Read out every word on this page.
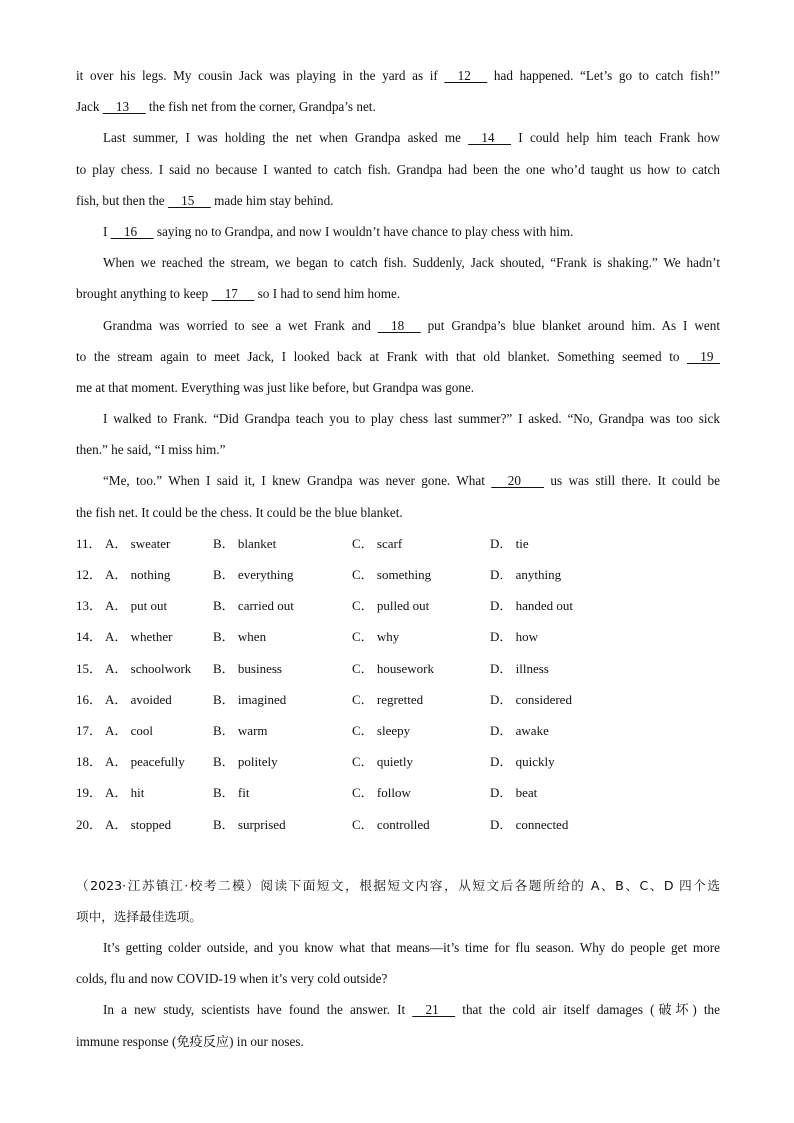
it over his legs. My cousin Jack was playing in the yard as if     12      had happened. “Let’s go to catch fish!”
Jack     13      the fish net from the corner, Grandpa’s net.
Last summer, I was holding the net when Grandpa asked me     14      I could help him teach Frank how
to play chess. I said no because I wanted to catch fish. Grandpa had been the one who’d taught us how to catch
fish, but then the     15      made him stay behind.
I     16      saying no to Grandpa, and now I wouldn’t have chance to play chess with him.
When we reached the stream, we began to catch fish. Suddenly, Jack shouted, “Frank is shaking.” We hadn’t
brought anything to keep     17      so I had to send him home.
Grandma was worried to see a wet Frank and     18      put Grandpa’s blue blanket around him. As I went
to the stream again to meet Jack, I looked back at Frank with that old blanket. Something seemed to     19
me at that moment. Everything was just like before, but Grandpa was gone.
I walked to Frank. “Did Grandpa teach you to play chess last summer?” I asked. “No, Grandpa was too sick
then.” he said, “I miss him.”
“Me, too.” When I said it, I knew Grandpa was never gone. What      20        us was still there. It could be
the fish net. It could be the chess. It could be the blue blanket.
11． A． sweater	B． blanket	C． scarf	D． tie
12． A． nothing	B． everything	C． something	D． anything
13． A． put out	B． carried out	C． pulled out	D． handed out
14． A． whether	B． when	C． why	D． how
15． A． schoolwork B． business	C． housework	D． illness
16． A． avoided	B． imagined	C． regretted	D． considered
17． A． cool	B． warm	C． sleepy	D． awake
18． A． peacefully B． politely	C． quietly	D． quickly
19． A． hit	B． fit	C． follow	D． beat
20． A． stopped	B． surprised	C． controlled	D． connected
（2023·江苏镇江·校考二模）阅读下面短文，根据短文内容，从短文后各题所给的 A、B、C、D 四个选
项中，选择最佳选项。
It’s getting colder outside, and you know what that means—it’s time for flu season. Why do people get more
colds, flu and now COVID-19 when it’s very cold outside?
In a new study, scientists have found the answer. It     21      that the cold air itself damages (破坏) the
immune response (免疫反应) in our noses.
